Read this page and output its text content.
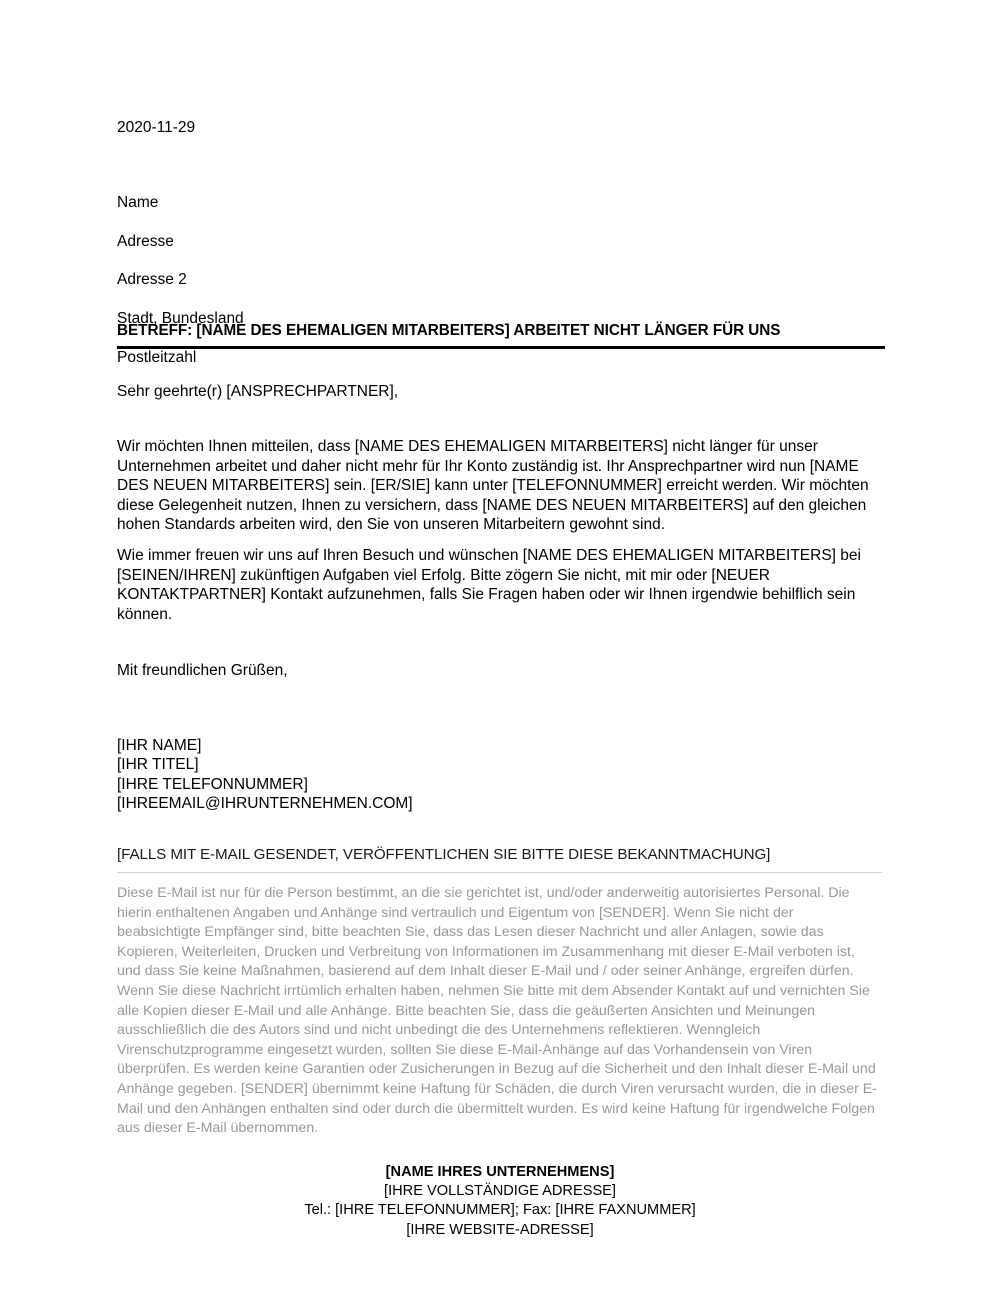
2020-11-29

Name

Adresse

Adresse 2

Stadt, Bundesland

Postleitzahl

BETREFF: [NAME DES EHEMALIGEN MITARBEITERS] ARBEITET NICHT LÄNGER FÜR UNS
Sehr geehrte(r) [ANSPRECHPARTNER],
Wir möchten Ihnen mitteilen, dass [NAME DES EHEMALIGEN MITARBEITERS] nicht länger für unser Unternehmen arbeitet und daher nicht mehr für Ihr Konto zuständig ist. Ihr Ansprechpartner wird nun [NAME DES NEUEN MITARBEITERS] sein. [ER/SIE] kann unter [TELEFONNUMMER] erreicht werden. Wir möchten diese Gelegenheit nutzen, Ihnen zu versichern, dass [NAME DES NEUEN MITARBEITERS] auf den gleichen hohen Standards arbeiten wird, den Sie von unseren Mitarbeitern gewohnt sind.
Wie immer freuen wir uns auf Ihren Besuch und wünschen [NAME DES EHEMALIGEN MITARBEITERS] bei [SEINEN/IHREN] zukünftigen Aufgaben viel Erfolg. Bitte zögern Sie nicht, mit mir oder [NEUER KONTAKTPARTNER] Kontakt aufzunehmen, falls Sie Fragen haben oder wir Ihnen irgendwie behilflich sein können.
Mit freundlichen Grüßen,
[IHR NAME]
[IHR TITEL]
[IHRE TELEFONNUMMER]
[IHREEMAIL@IHRUNTERNEHMEN.COM]
[FALLS MIT E-MAIL GESENDET, VERÖFFENTLICHEN SIE BITTE DIESE BEKANNTMACHUNG]
Diese E-Mail ist nur für die Person bestimmt, an die sie gerichtet ist, und/oder anderweitig autorisiertes Personal. Die hierin enthaltenen Angaben und Anhänge sind vertraulich und Eigentum von [SENDER]. Wenn Sie nicht der beabsichtigte Empfänger sind, bitte beachten Sie, dass das Lesen dieser Nachricht und aller Anlagen, sowie das Kopieren, Weiterleiten, Drucken und Verbreitung von Informationen im Zusammenhang mit dieser E-Mail verboten ist, und dass Sie keine Maßnahmen, basierend auf dem Inhalt dieser E-Mail und / oder seiner Anhänge, ergreifen dürfen. Wenn Sie diese Nachricht irrtümlich erhalten haben, nehmen Sie bitte mit dem Absender Kontakt auf und vernichten Sie alle Kopien dieser E-Mail und alle Anhänge. Bitte beachten Sie, dass die geäußerten Ansichten und Meinungen ausschließlich die des Autors sind und nicht unbedingt die des Unternehmens reflektieren. Wenngleich Virenschutzprogramme eingesetzt wurden, sollten Sie diese E-Mail-Anhänge auf das Vorhandensein von Viren überprüfen. Es werden keine Garantien oder Zusicherungen in Bezug auf die Sicherheit und den Inhalt dieser E-Mail und Anhänge gegeben. [SENDER] übernimmt keine Haftung für Schäden, die durch Viren verursacht wurden, die in dieser E-Mail und den Anhängen enthalten sind oder durch die übermittelt wurden. Es wird keine Haftung für irgendwelche Folgen aus dieser E-Mail übernommen.
[NAME IHRES UNTERNEHMENS]
[IHRE VOLLSTÄNDIGE ADRESSE]
Tel.: [IHRE TELEFONNUMMER]; Fax: [IHRE FAXNUMMER]
[IHRE WEBSITE-ADRESSE]
